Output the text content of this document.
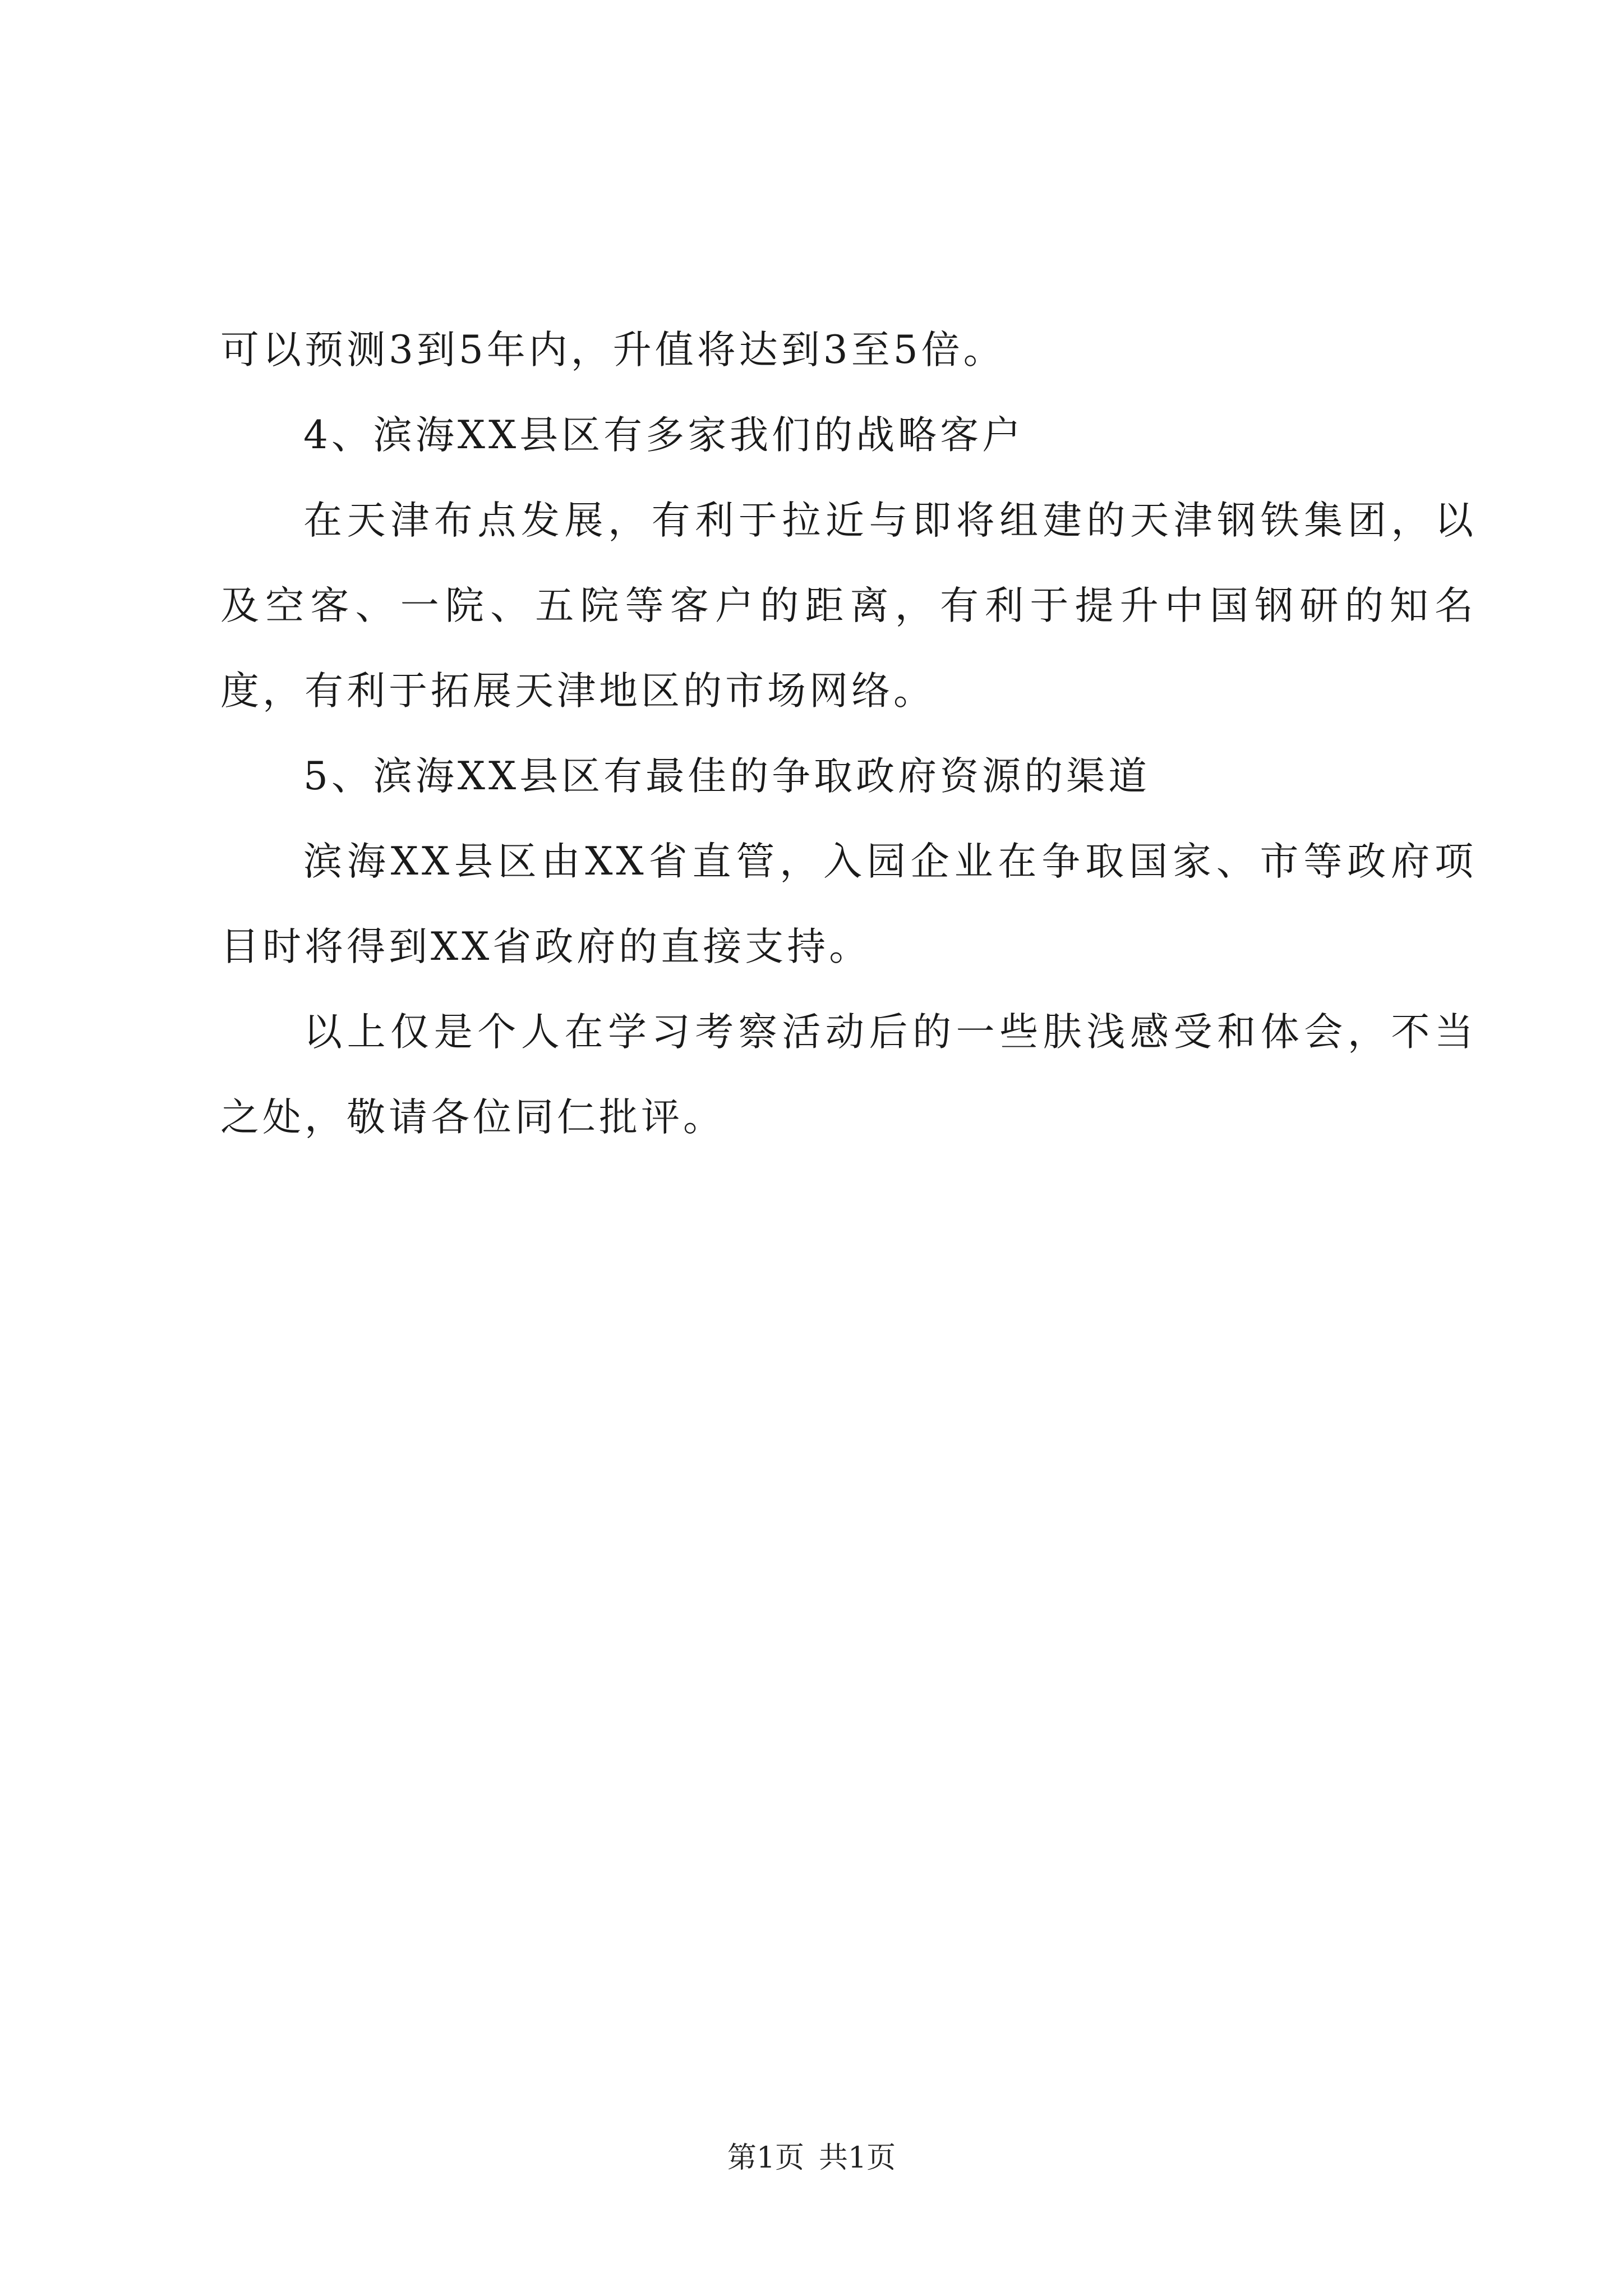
可以预测3到5年内，升值将达到3至5倍。

4、滨海XX县区有多家我们的战略客户

在天津布点发展，有利于拉近与即将组建的天津钢铁集团，以及空客、一院、五院等客户的距离，有利于提升中国钢研的知名度，有利于拓展天津地区的市场网络。

5、滨海XX县区有最佳的争取政府资源的渠道

滨海XX县区由XX省直管，入园企业在争取国家、市等政府项目时将得到XX省政府的直接支持。

以上仅是个人在学习考察活动后的一些肤浅感受和体会，不当之处，敬请各位同仁批评。

第1页 共1页
